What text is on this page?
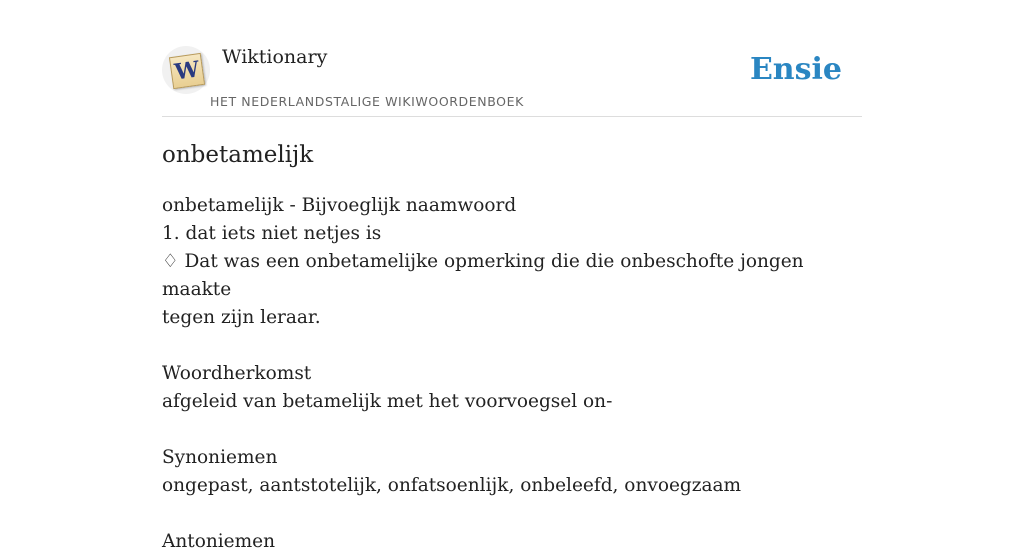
W Wiktionary
HET NEDERLANDSTALIGE WIKIWOORDENBOEK
Ensie
onbetamelijk
onbetamelijk - Bijvoeglijk naamwoord
1. dat iets niet netjes is
♢ Dat was een onbetamelijke opmerking die die onbeschofte jongen maakte
tegen zijn leraar.
Woordherkomst
afgeleid van betamelijk met het voorvoegsel on-
Synoniemen
ongepast, aantstotelijk, onfatsoenlijk, onbeleefd, onvoegzaam
Antoniemen
